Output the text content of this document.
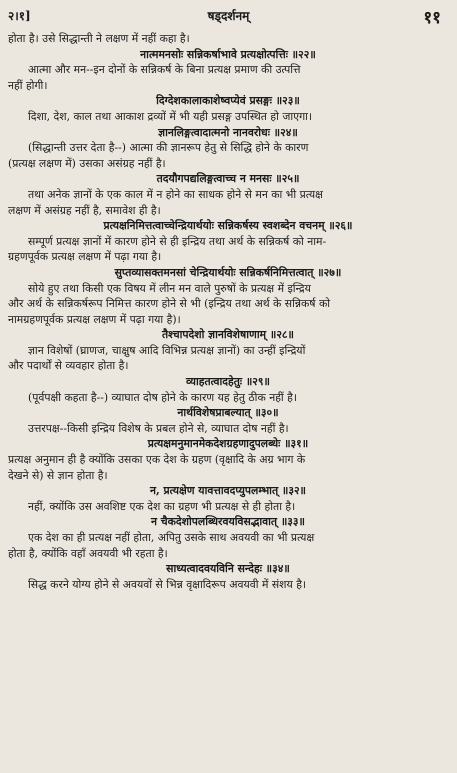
२।१]	षड्दर्शनम्	११
होता है। उसे सिद्धान्ती ने लक्षण में नहीं कहा है।
नात्ममनसोः सन्निकर्षाभावे प्रत्यक्षोत्पत्तिः ॥२२॥
आत्मा और मन--इन दोनों के सन्निकर्ष के बिना प्रत्यक्ष प्रमाण की उत्पत्ति
नहीं होगी।
दिग्देशकालाकाशेष्वप्येवं प्रसङ्गः ॥२३॥
दिशा, देश, काल तथा आकाश द्रव्यों में भी यही प्रसङ्ग उपस्थित हो जाएगा।
ज्ञानलिङ्गत्वादात्मनो नानवरोधः ॥२४॥
(सिद्धान्ती उत्तर देता है--) आत्मा की ज्ञानरूप हेतु से सिद्धि होने के कारण
(प्रत्यक्ष लक्षण में) उसका असंग्रह नहीं है।
तदयौगपद्यलिङ्गत्वाच्च न मनसः ॥२५॥
तथा अनेक ज्ञानों के एक काल में न होने का साधक होने से मन का भी प्रत्यक्ष
लक्षण में असंग्रह नहीं है, समावेश ही है।
प्रत्यक्षनिमित्तत्वाच्चेन्द्रियार्थयोः सन्निकर्षस्य स्वशब्देन वचनम् ॥२६॥
सम्पूर्ण प्रत्यक्ष ज्ञानों में कारण होने से ही इन्द्रिय तथा अर्थ के सन्निकर्ष को नाम-
ग्रहणपूर्वक प्रत्यक्ष लक्षण में पढ़ा गया है।
सुप्तव्यासक्तमनसां चेन्द्रियार्थयोः सन्निकर्षनिमित्तत्वात् ॥२७॥
सोये हुए तथा किसी एक विषय में लीन मन वाले पुरुषों के प्रत्यक्ष में इन्द्रिय
और अर्थ के सन्निकर्षरूप निमित्त कारण होने से भी (इन्द्रिय तथा अर्थ के सन्निकर्ष को
नामग्रहणपूर्वक प्रत्यक्ष लक्षण में पढ़ा गया है)।
तैश्चापदेशो ज्ञानविशेषाणाम् ॥२८॥
ज्ञान विशेषों (घ्राणज, चाक्षुष आदि विभिन्न प्रत्यक्ष ज्ञानों) का उन्हीं इन्द्रियों
और पदार्थों से व्यवहार होता है।
व्याहतत्वादहेतुः ॥२९॥
(पूर्वपक्षी कहता है--) व्याघात दोष होने के कारण यह हेतु ठीक नहीं है।
नार्थविशेषप्राबल्यात् ॥३०॥
उत्तरपक्ष--किसी इन्द्रिय विशेष के प्रबल होने से, व्याघात दोष नहीं है।
प्रत्यक्षमनुमानमेकदेशग्रहणादुपलब्धेः ॥३१॥
प्रत्यक्ष अनुमान ही है क्योंकि उसका एक देश के ग्रहण (वृक्षादि के अग्र भाग के
देखने से) से ज्ञान होता है।
न, प्रत्यक्षेण यावत्तावदप्युपलम्भात् ॥३२॥
नहीं, क्योंकि उस अवशिष्ट एक देश का ग्रहण भी प्रत्यक्ष से ही होता है।
न चैकदेशोपलब्धिरवयविसद्भावात् ॥३३॥
एक देश का ही प्रत्यक्ष नहीं होता, अपितु उसके साथ अवयवी का भी प्रत्यक्ष
होता है, क्योंकि वहाँ अवयवी भी रहता है।
साध्यत्वादवयविनि सन्देहः ॥३४॥
सिद्ध करने योग्य होने से अवयवों से भिन्न वृक्षादिरूप अवयवी में संशय है।
